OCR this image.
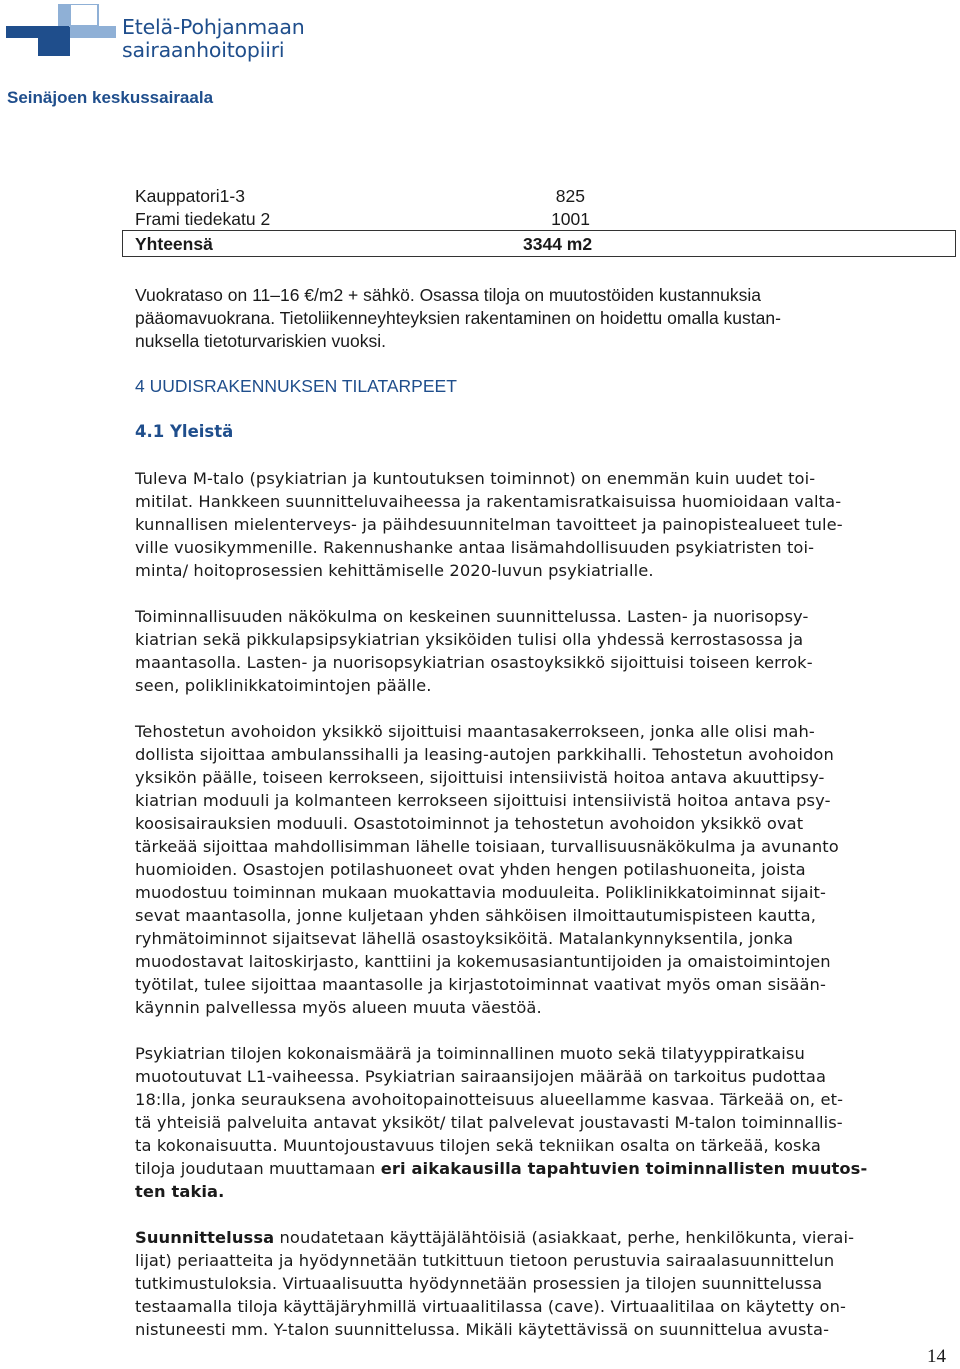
Etelä-Pohjanmaan
sairaanhoitopiiri
Seinäjoen keskussairaala
Kauppatori1-3	825
Frami tiedekatu 2	1001
Yhteensä	3344 m2
Vuokrataso on 11–16 €/m2 + sähkö. Osassa tiloja on muutostöiden kustannuksia
pääomavuokrana. Tietoliikenneyhteyksien rakentaminen on hoidettu omalla kustan-
nuksella tietoturvariskien vuoksi.
4 UUDISRAKENNUKSEN TILATARPEET
4.1 Yleistä
Tuleva M-talo (psykiatrian ja kuntoutuksen toiminnot) on enemmän kuin uudet toi-
mitilat. Hankkeen suunnitteluvaiheessa ja rakentamisratkaisuissa huomioidaan valta-
kunnallisen mielenterveys- ja päihdesuunnitelman tavoitteet ja painopistealueet tule-
ville vuosikymmenille. Rakennushanke antaa lisämahdollisuuden psykiatristen toi-
minta/ hoitoprosessien kehittämiselle 2020-luvun psykiatrialle.
Toiminnallisuuden näkökulma on keskeinen suunnittelussa. Lasten- ja nuorisopsy-
kiatrian sekä pikkulapsipsykiatrian yksiköiden tulisi olla yhdessä kerrostasossa ja
maantasolla. Lasten- ja nuorisopsykiatrian osastoyksikkö sijoittuisi toiseen kerrok-
seen, poliklinikkatoimintojen päälle.
Tehostetun avohoidon yksikkö sijoittuisi maantasakerrokseen, jonka alle olisi mah-
dollista sijoittaa ambulanssihalli ja leasing-autojen parkkihalli. Tehostetun avohoidon
yksikön päälle, toiseen kerrokseen, sijoittuisi intensiivistä hoitoa antava akuuttipsy-
kiatrian moduuli ja kolmanteen kerrokseen sijoittuisi intensiivistä hoitoa antava psy-
koosisairauksien moduuli. Osastotoiminnot ja tehostetun avohoidon yksikkö ovat
tärkeää sijoittaa mahdollisimman lähelle toisiaan, turvallisuusnäkökulma ja avunanto
huomioiden. Osastojen potilashuoneet ovat yhden hengen potilashuoneita, joista
muodostuu toiminnan mukaan muokattavia moduuleita. Poliklinikkatoiminnat sijait-
sevat maantasolla, jonne kuljetaan yhden sähköisen ilmoittautumispisteen kautta,
ryhmätoiminnot sijaitsevat lähellä osastoyksiköitä. Matalankynnyksentila, jonka
muodostavat laitoskirjasto, kanttiini ja kokemusasiantuntijoiden ja omaistoimintojen
työtilat, tulee sijoittaa maantasolle ja kirjastotoiminnat vaativat myös oman sisään-
käynnin palvellessa myös alueen muuta väestöä.
Psykiatrian tilojen kokonaismäärä ja toiminnallinen muoto sekä tilatyyppiratkaisu
muotoutuvat L1-vaiheessa. Psykiatrian sairaansijojen määrää on tarkoitus pudottaa
18:lla, jonka seurauksena avohoitopainotteisuus alueellamme kasvaa. Tärkeää on, et-
tä yhteisiä palveluita antavat yksiköt/ tilat palvelevat joustavasti M-talon toiminnallis-
ta kokonaisuutta. Muuntojoustavuus tilojen sekä tekniikan osalta on tärkeää, koska
tiloja joudutaan muuttamaan eri aikakausilla tapahtuvien toiminnallisten muutos-
ten takia.
Suunnittelussa noudatetaan käyttäjälähtöisiä (asiakkaat, perhe, henkilökunta, vierai-
lijat) periaatteita ja hyödynnetään tutkittuun tietoon perustuvia sairaalasuunnittelun
tutkimustuloksia. Virtuaalisuutta hyödynnetään prosessien ja tilojen suunnittelussa
testaamalla tiloja käyttäjäryhmillä virtuaalitilassa (cave). Virtuaalitilaa on käytetty on-
nistuneesti mm. Y-talon suunnittelussa. Mikäli käytettävissä on suunnittelua avusta-
14
